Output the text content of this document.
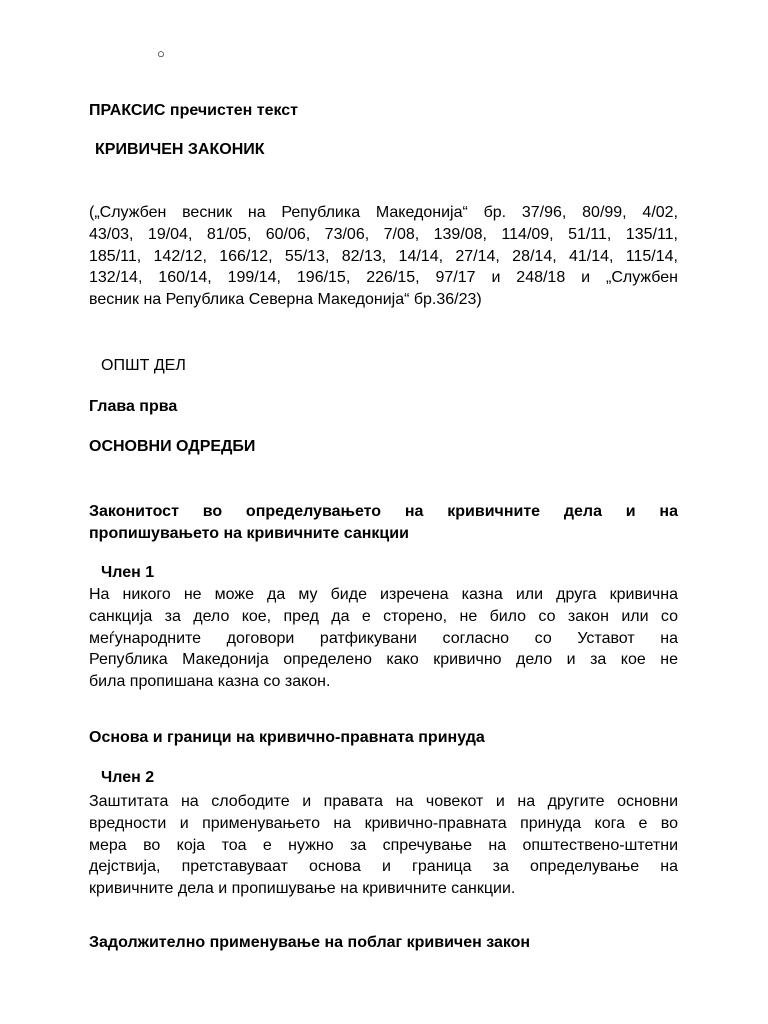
○
ПРАКСИС пречистен текст
КРИВИЧЕН ЗАКОНИК
(„Службен весник на Република Македонија“ бр. 37/96, 80/99, 4/02,
43/03, 19/04, 81/05, 60/06, 73/06, 7/08, 139/08, 114/09, 51/11, 135/11,
185/11, 142/12, 166/12, 55/13, 82/13, 14/14, 27/14, 28/14, 41/14, 115/14,
132/14, 160/14, 199/14, 196/15, 226/15, 97/17 и 248/18 и „Службен
весник на Република Северна Македонија“ бр.36/23)
ОПШТ ДЕЛ
Глава прва
ОСНОВНИ ОДРЕДБИ
Законитост во определувањето на кривичните дела и на
пропишувањето на кривичните санкции
Член 1
На никого не може да му биде изречена казна или друга кривична
санкција за дело кое, пред да е сторено, не било со закон или со
меѓународните договори ратфикувани согласно со Уставот на
Република Македонија определено како кривично дело и за кое не
била пропишана казна со закон.
Основа и граници на кривично-правната принуда
Член 2
Заштитата на слободите и правата на човекот и на другите основни
вредности и применувањето на кривично-правната принуда кога е во
мера во која тоа е нужно за спречување на општествено-штетни
дејствија, претставуваат основа и граница за определување на
кривичните дела и пропишување на кривичните санкции.
Задолжително применување на поблаг кривичен закон
